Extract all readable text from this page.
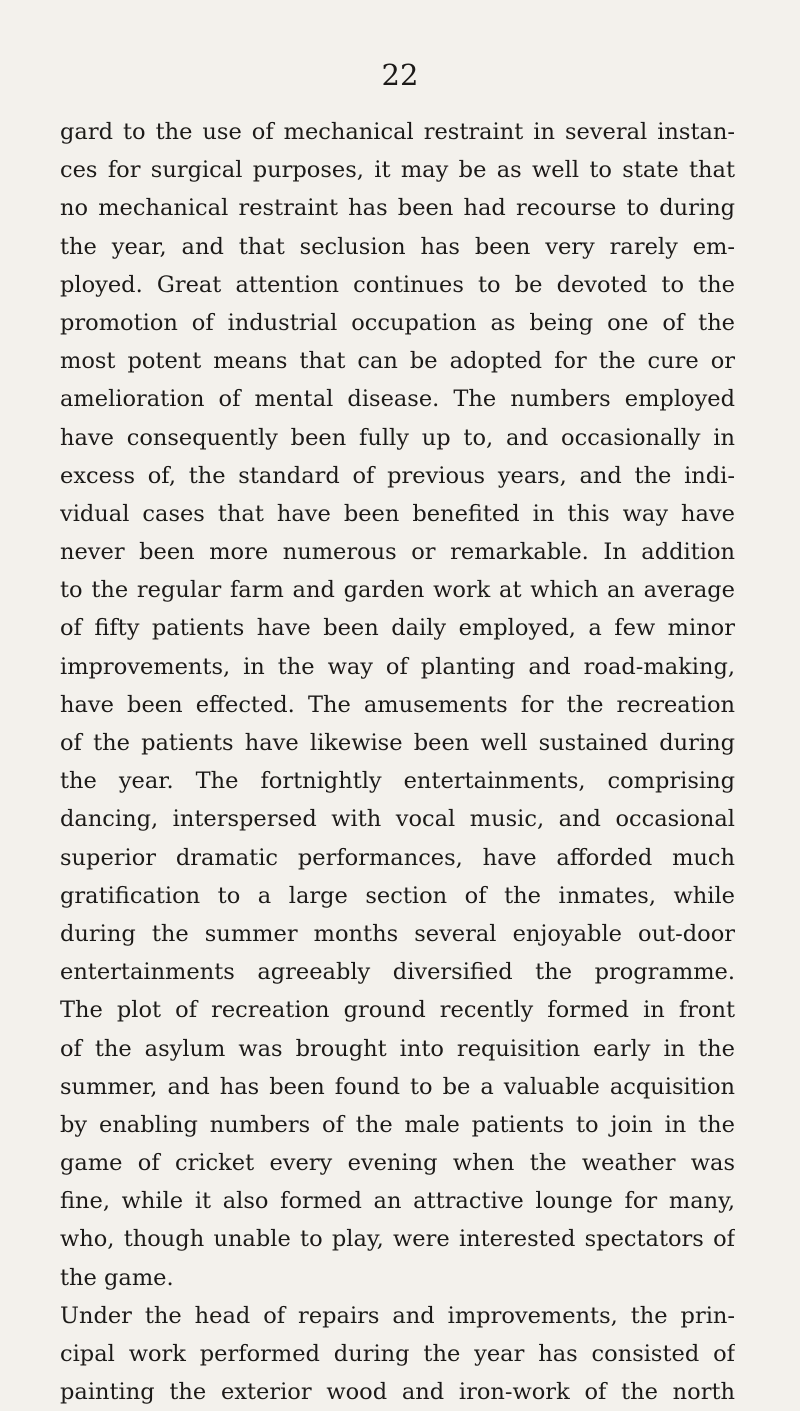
22
gard to the use of mechanical restraint in several instan-
ces for surgical purposes, it may be as well to state that
no mechanical restraint has been had recourse to during
the year, and that seclusion has been very rarely em-
ployed. Great attention continues to be devoted to the
promotion of industrial occupation as being one of the
most potent means that can be adopted for the cure or
amelioration of mental disease. The numbers employed
have consequently been fully up to, and occasionally in
excess of, the standard of previous years, and the indi-
vidual cases that have been benefited in this way have
never been more numerous or remarkable. In addition
to the regular farm and garden work at which an average
of fifty patients have been daily employed, a few minor
improvements, in the way of planting and road-making,
have been effected. The amusements for the recreation
of the patients have likewise been well sustained during
the year. The fortnightly entertainments, comprising
dancing, interspersed with vocal music, and occasional
superior dramatic performances, have afforded much
gratification to a large section of the inmates, while
during the summer months several enjoyable out-door
entertainments agreeably diversified the programme.
The plot of recreation ground recently formed in front
of the asylum was brought into requisition early in the
summer, and has been found to be a valuable acquisition
by enabling numbers of the male patients to join in the
game of cricket every evening when the weather was
fine, while it also formed an attractive lounge for many,
who, though unable to play, were interested spectators of
the game.
Under the head of repairs and improvements, the prin-
cipal work performed during the year has consisted of
painting the exterior wood and iron-work of the north
